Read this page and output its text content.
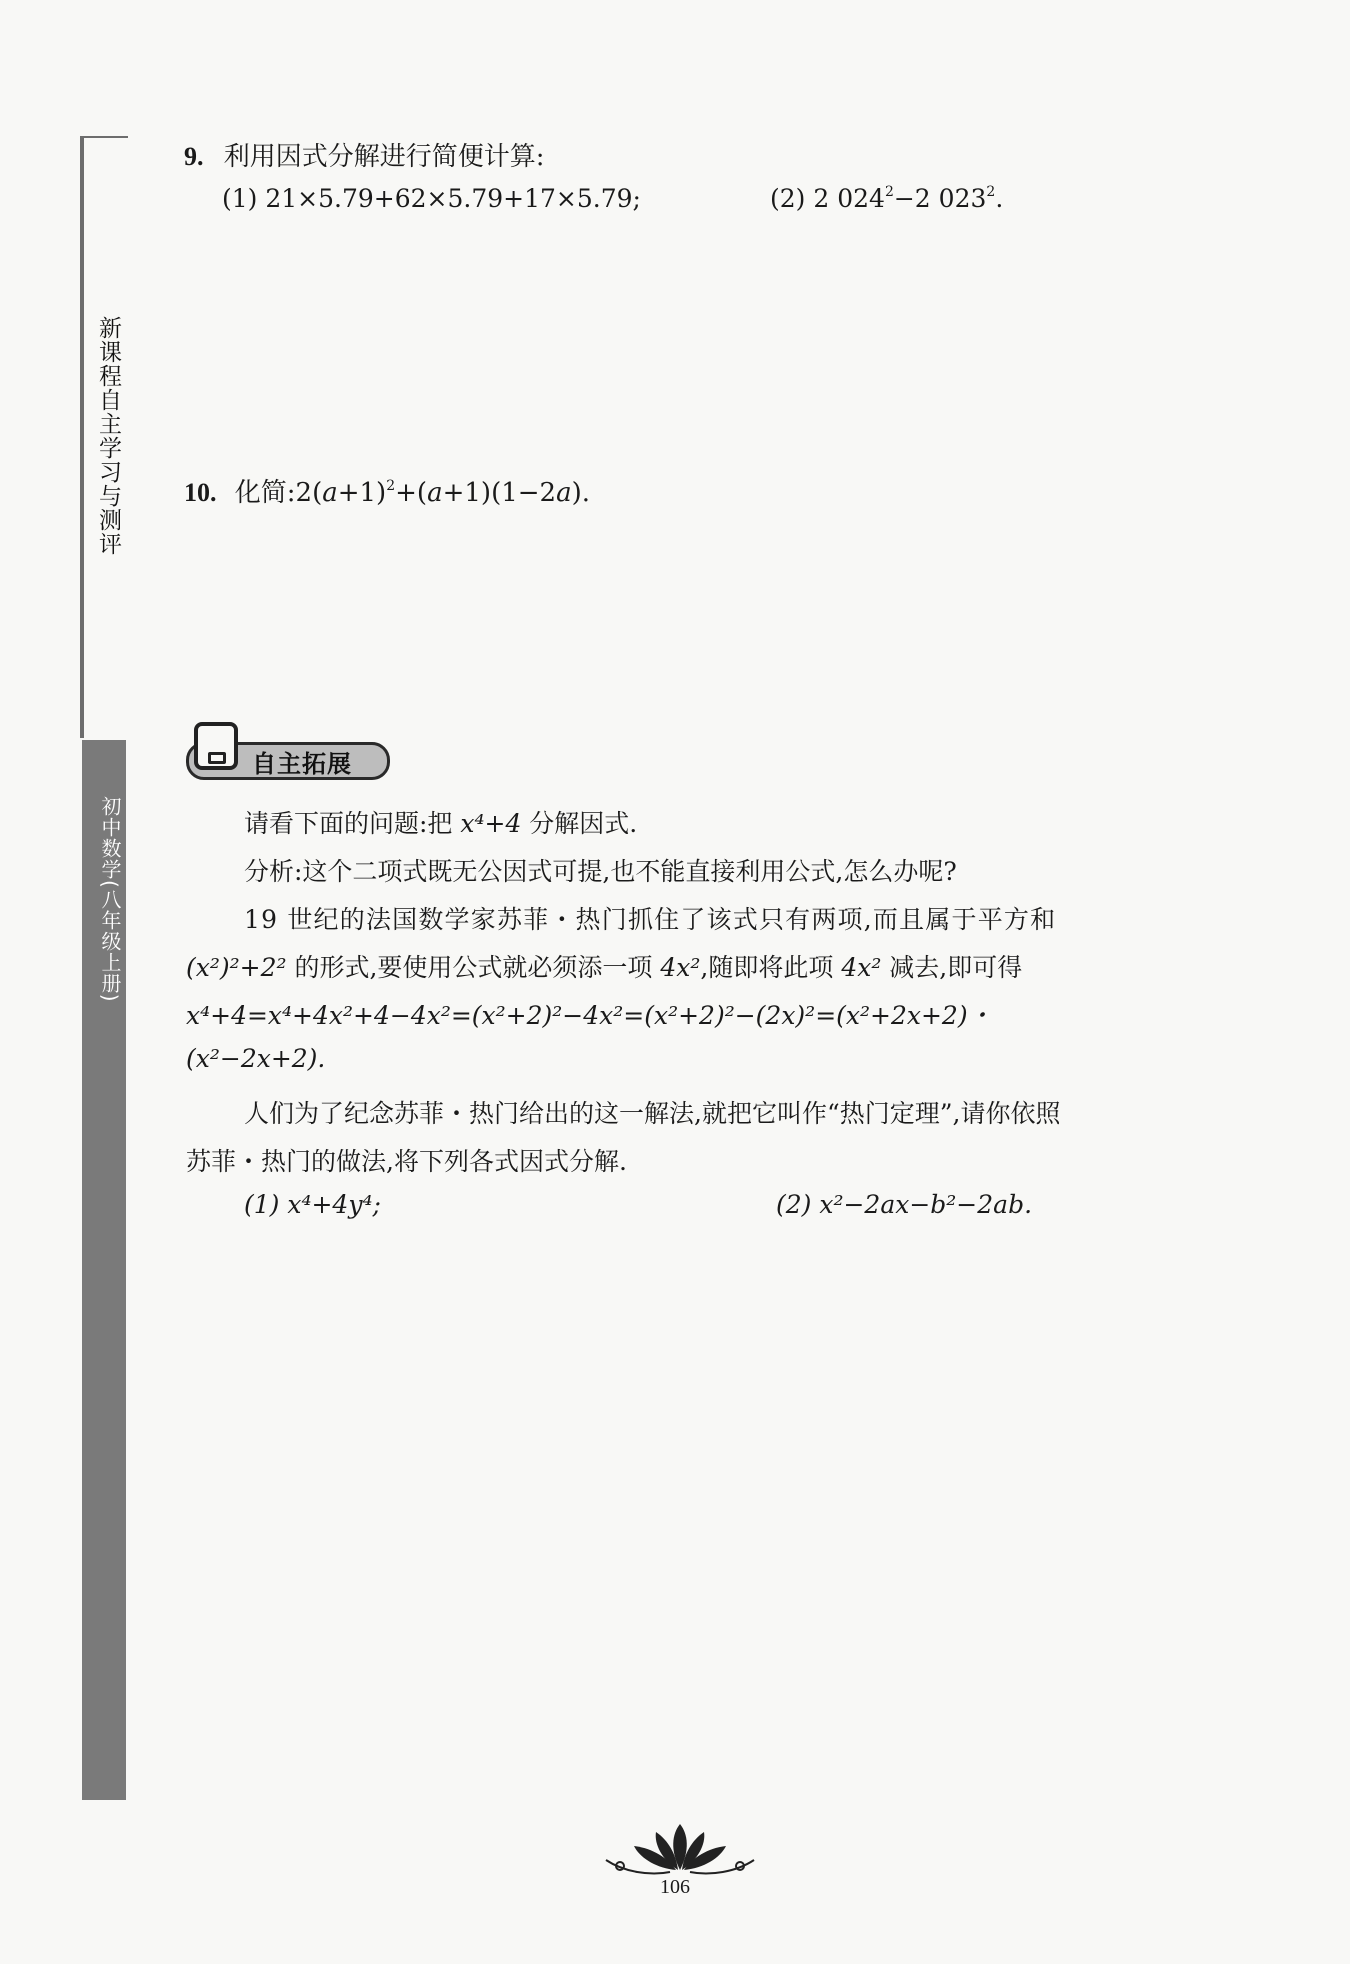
新课程自主学习与测评
初中数学(八年级上册)
9. 利用因式分解进行简便计算:
(1) 21×5.79+62×5.79+17×5.79;	(2) 2 $024^2-2$ $023^2$.
10. 化简$:2(a+1)^2+(a+1)(1-2a)$.
自主拓展
请看下面的问题:把 x⁴+4 分解因式.
分析:这个二项式既无公因式可提,也不能直接利用公式,怎么办呢?
19 世纪的法国数学家苏菲・热门抓住了该式只有两项,而且属于平方和
(x²)²+2² 的形式,要使用公式就必须添一项 4x²,随即将此项 4x² 减去,即可得
x⁴+4=x⁴+4x²+4−4x²=(x²+2)²−4x²=(x²+2)²−(2x)²=(x²+2x+2)・
(x²−2x+2).
人们为了纪念苏菲・热门给出的这一解法,就把它叫作“热门定理”,请你依照
苏菲・热门的做法,将下列各式因式分解.
(1) x⁴+4y⁴;	(2) x²−2ax−b²−2ab.
106
